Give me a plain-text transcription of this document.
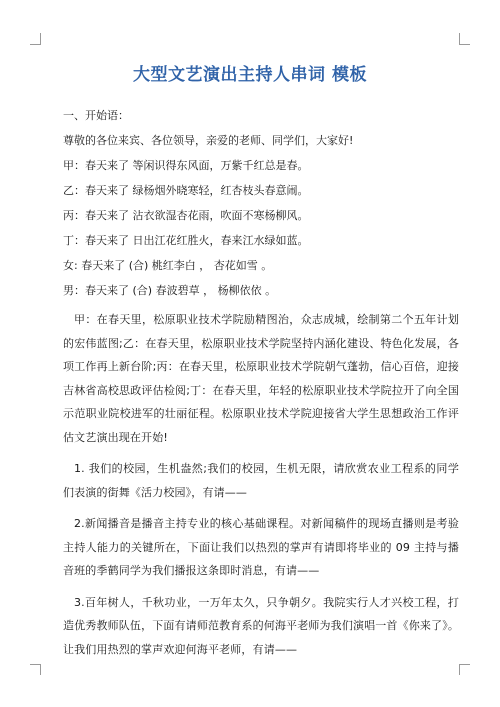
大型文艺演出主持人串词 模板

一、开始语：

尊敬的各位来宾、各位领导，亲爱的老师、同学们，大家好!

甲：春天来了 等闲识得东风面，万紫千红总是春。

乙：春天来了 绿杨烟外晓寒轻，红杏枝头春意闹。

丙：春天来了 沾衣欲湿杏花雨，吹面不寒杨柳风。

丁：春天来了 日出江花红胜火，春来江水绿如蓝。

女: 春天来了 (合) 桃红李白 ， 杏花如雪 。

男：春天来了 (合) 春波碧草 ， 杨柳依依 。

甲：在春天里，松原职业技术学院励精图治，众志成城，绘制第二个五年计划的宏伟蓝图;乙：在春天里，松原职业技术学院坚持内涵化建设、特色化发展，各项工作再上新台阶;丙：在春天里，松原职业技术学院朝气蓬勃，信心百倍，迎接吉林省高校思政评估检阅;丁：在春天里，年轻的松原职业技术学院拉开了向全国示范职业院校进军的壮丽征程。松原职业技术学院迎接省大学生思想政治工作评估文艺演出现在开始!

1. 我们的校园，生机盎然;我们的校园，生机无限，请欣赏农业工程系的同学们表演的街舞《活力校园》，有请——

2.新闻播音是播音主持专业的核心基础课程。对新闻稿件的现场直播则是考验主持人能力的关键所在，下面让我们以热烈的掌声有请即将毕业的 09 主持与播音班的季鹤同学为我们播报这条即时消息，有请——

3.百年树人，千秋功业，一万年太久，只争朝夕。我院实行人才兴校工程，打造优秀教师队伍，下面有请师范教育系的何海平老师为我们演唱一首《你来了》。让我们用热烈的掌声欢迎何海平老师，有请——
